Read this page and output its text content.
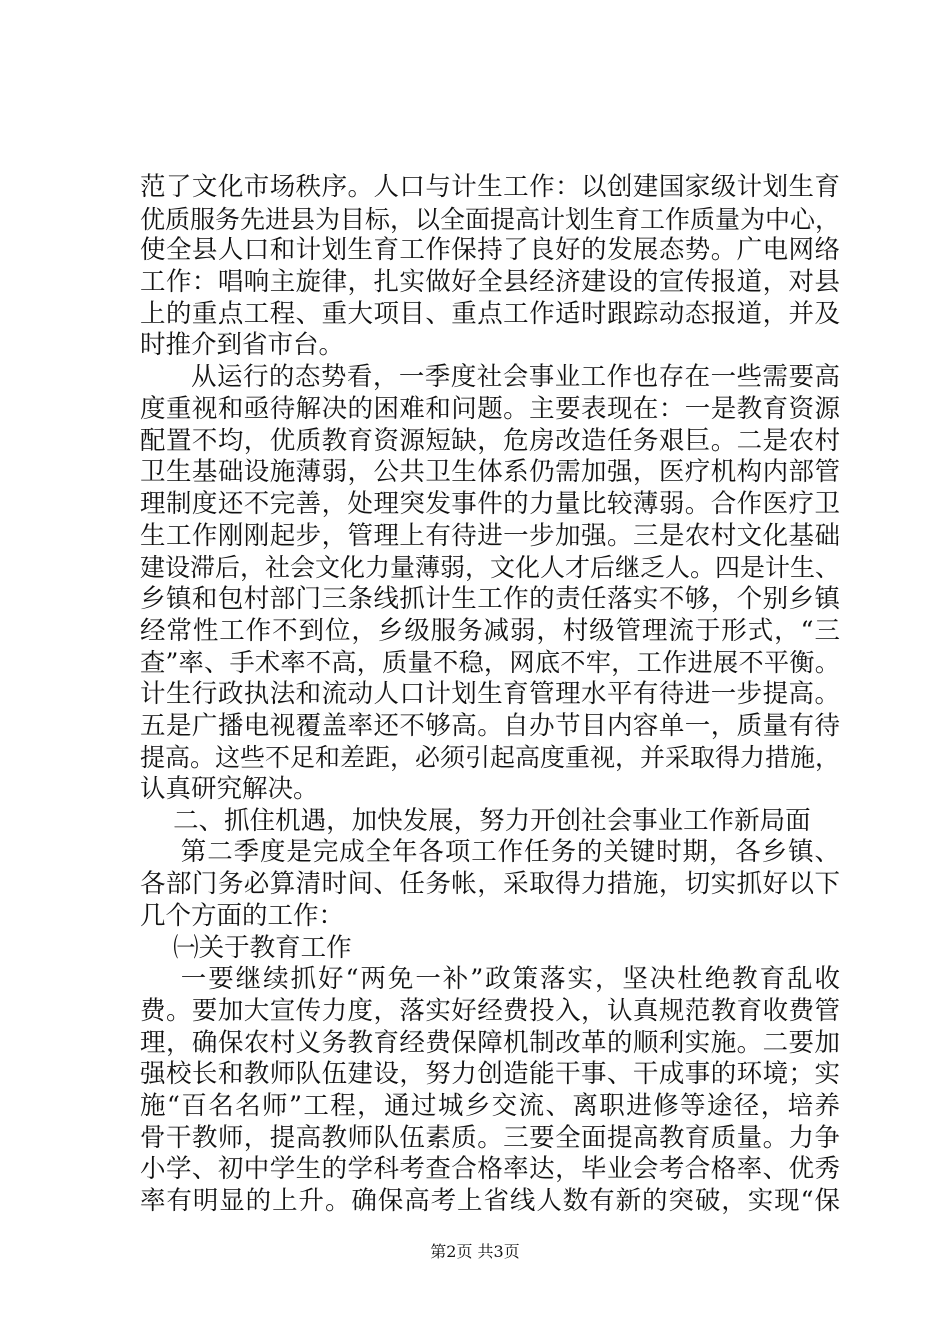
范了文化市场秩序。人口与计生工作：以创建国家级计划生育
优质服务先进县为目标，以全面提高计划生育工作质量为中心，
使全县人口和计划生育工作保持了良好的发展态势。广电网络
工作：唱响主旋律，扎实做好全县经济建设的宣传报道，对县
上的重点工程、重大项目、重点工作适时跟踪动态报道，并及
时推介到省市台。
从运行的态势看，一季度社会事业工作也存在一些需要高
度重视和亟待解决的困难和问题。主要表现在：一是教育资源
配置不均，优质教育资源短缺，危房改造任务艰巨。二是农村
卫生基础设施薄弱，公共卫生体系仍需加强，医疗机构内部管
理制度还不完善，处理突发事件的力量比较薄弱。合作医疗卫
生工作刚刚起步，管理上有待进一步加强。三是农村文化基础
建设滞后，社会文化力量薄弱，文化人才后继乏人。四是计生、
乡镇和包村部门三条线抓计生工作的责任落实不够，个别乡镇
经常性工作不到位，乡级服务减弱，村级管理流于形式，“三
查”率、手术率不高，质量不稳，网底不牢，工作进展不平衡。
计生行政执法和流动人口计划生育管理水平有待进一步提高。
五是广播电视覆盖率还不够高。自办节目内容单一，质量有待
提高。这些不足和差距，必须引起高度重视，并采取得力措施，
认真研究解决。
二、抓住机遇，加快发展，努力开创社会事业工作新局面
第二季度是完成全年各项工作任务的关键时期，各乡镇、
各部门务必算清时间、任务帐，采取得力措施，切实抓好以下
几个方面的工作：
㈠关于教育工作
一要继续抓好“两免一补”政策落实，坚决杜绝教育乱收
费。要加大宣传力度，落实好经费投入，认真规范教育收费管
理，确保农村义务教育经费保障机制改革的顺利实施。二要加
强校长和教师队伍建设，努力创造能干事、干成事的环境；实
施“百名名师”工程，通过城乡交流、离职进修等途径，培养
骨干教师，提高教师队伍素质。三要全面提高教育质量。力争
小学、初中学生的学科考查合格率达，毕业会考合格率、优秀
率有明显的上升。确保高考上省线人数有新的突破，实现“保
第2页 共3页
